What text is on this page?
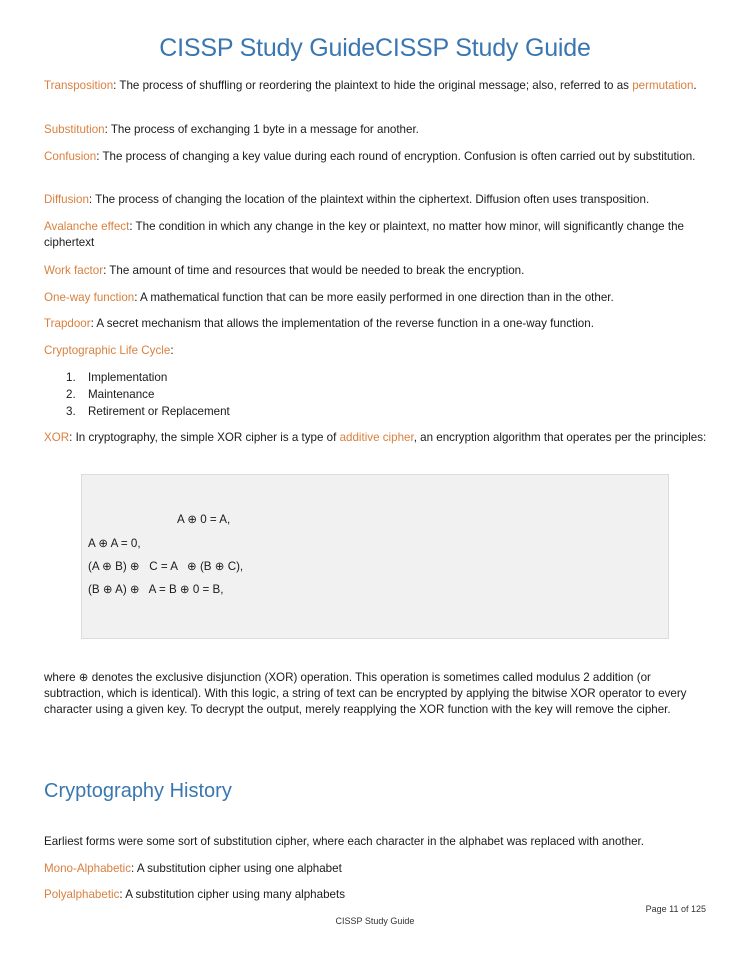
CISSP Study GuideCISSP Study Guide
Transposition: The process of shuffling or reordering the plaintext to hide the original message; also, referred to as permutation.
Substitution: The process of exchanging 1 byte in a message for another.
Confusion: The process of changing a key value during each round of encryption. Confusion is often carried out by substitution.
Diffusion: The process of changing the location of the plaintext within the ciphertext. Diffusion often uses transposition.
Avalanche effect: The condition in which any change in the key or plaintext, no matter how minor, will significantly change the ciphertext
Work factor: The amount of time and resources that would be needed to break the encryption.
One-way function: A mathematical function that can be more easily performed in one direction than in the other.
Trapdoor: A secret mechanism that allows the implementation of the reverse function in a one-way function.
Cryptographic Life Cycle:
1.	Implementation
2.	Maintenance
3.	Retirement or Replacement
XOR: In cryptography, the simple XOR cipher is a type of additive cipher, an encryption algorithm that operates per the principles:
A ⊕ 0 = A,
A ⊕ A = 0,
(A ⊕ B) ⊕   C = A   ⊕ (B ⊕ C),
(B ⊕ A) ⊕   A = B ⊕ 0 = B,
where ⊕ denotes the exclusive disjunction (XOR) operation. This operation is sometimes called modulus 2 addition (or subtraction, which is identical). With this logic, a string of text can be encrypted by applying the bitwise XOR operator to every character using a given key. To decrypt the output, merely reapplying the XOR function with the key will remove the cipher.
Cryptography History
Earliest forms were some sort of substitution cipher, where each character in the alphabet was replaced with another.
Mono-Alphabetic: A substitution cipher using one alphabet
Polyalphabetic: A substitution cipher using many alphabets
Page 11 of 125
CISSP Study Guide
